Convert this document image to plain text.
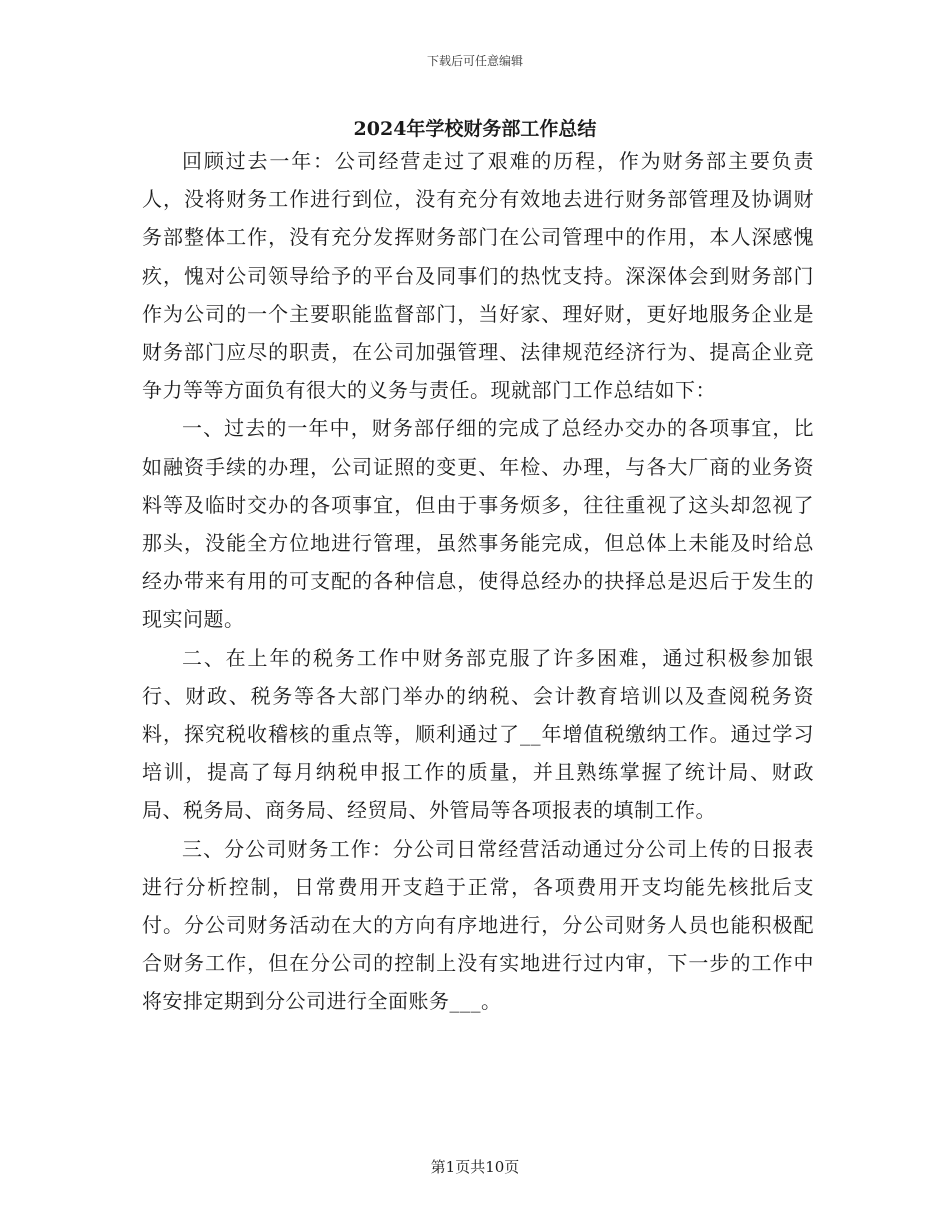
下载后可任意编辑
2024年学校财务部工作总结

回顾过去一年：公司经营走过了艰难的历程，作为财务部主要负责人，没将财务工作进行到位，没有充分有效地去进行财务部管理及协调财务部整体工作，没有充分发挥财务部门在公司管理中的作用，本人深感愧疚，愧对公司领导给予的平台及同事们的热忱支持。深深体会到财务部门作为公司的一个主要职能监督部门，当好家、理好财，更好地服务企业是财务部门应尽的职责，在公司加强管理、法律规范经济行为、提高企业竞争力等等方面负有很大的义务与责任。现就部门工作总结如下：

一、过去的一年中，财务部仔细的完成了总经办交办的各项事宜，比如融资手续的办理，公司证照的变更、年检、办理，与各大厂商的业务资料等及临时交办的各项事宜，但由于事务烦多，往往重视了这头却忽视了那头，没能全方位地进行管理，虽然事务能完成，但总体上未能及时给总经办带来有用的可支配的各种信息，使得总经办的抉择总是迟后于发生的现实问题。

二、在上年的税务工作中财务部克服了许多困难，通过积极参加银行、财政、税务等各大部门举办的纳税、会计教育培训以及查阅税务资料，探究税收稽核的重点等，顺利通过了__年增值税缴纳工作。通过学习培训，提高了每月纳税申报工作的质量，并且熟练掌握了统计局、财政局、税务局、商务局、经贸局、外管局等各项报表的填制工作。

三、分公司财务工作：分公司日常经营活动通过分公司上传的日报表进行分析控制，日常费用开支趋于正常，各项费用开支均能先核批后支付。分公司财务活动在大的方向有序地进行，分公司财务人员也能积极配合财务工作，但在分公司的控制上没有实地进行过内审，下一步的工作中将安排定期到分公司进行全面账务___。

第1页共10页
